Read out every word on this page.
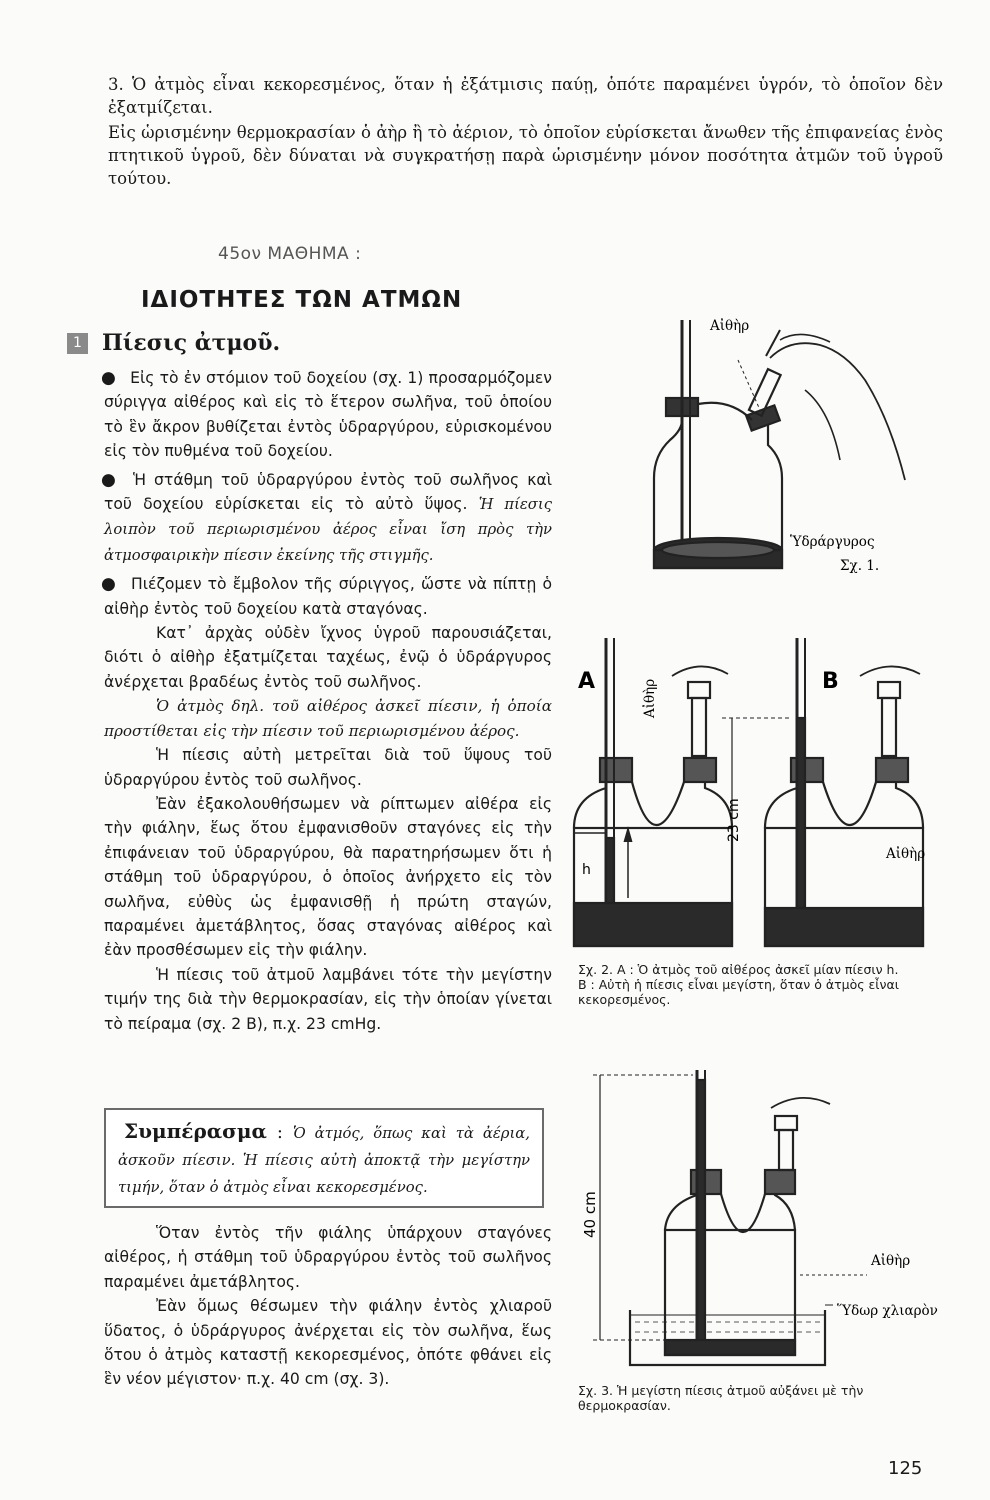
3. Ὁ ἀτμὸς εἶναι κεκορεσμένος, ὅταν ἡ ἐξάτμισις παύῃ, ὁπότε παραμένει ὑγρόν, τὸ ὁποῖον δὲν ἐξατμίζεται.

Εἰς ὡρισμένην θερμοκρασίαν ὁ ἀὴρ ἢ τὸ ἀέριον, τὸ ὁποῖον εὑρίσκεται ἄνωθεν τῆς ἐπιφανείας ἑνὸς πτητικοῦ ὑγροῦ, δὲν δύναται νὰ συγκρατήσῃ παρὰ ὡρισμένην μόνον ποσότητα ἀτμῶν τοῦ ὑγροῦ τούτου.

45ον ΜΑΘΗΜΑ :
ΙΔΙΟΤΗΤΕΣ ΤΩΝ ΑΤΜΩΝ
1 Πίεσις ἀτμοῦ.

● Εἰς τὸ ἐν στόμιον τοῦ δοχείου (σχ. 1) προσαρμόζομεν σύριγγα αἰθέρος καὶ εἰς τὸ ἕτερον σωλῆνα, τοῦ ὁποίου τὸ ἓν ἄκρον βυθίζεται ἐντὸς ὑδραργύρου, εὑρισκομένου εἰς τὸν πυθμένα τοῦ δοχείου.

● Ἡ στάθμη τοῦ ὑδραργύρου ἐντὸς τοῦ σωλῆνος καὶ τοῦ δοχείου εὑρίσκεται εἰς τὸ αὐτὸ ὕψος. Ἡ πίεσις λοιπὸν τοῦ περιωρισμένου ἀέρος εἶναι ἴση πρὸς τὴν ἀτμοσφαιρικὴν πίεσιν ἐκείνης τῆς στιγμῆς.

● Πιέζομεν τὸ ἔμβολον τῆς σύριγγος, ὥστε νὰ πίπτῃ ὁ αἰθὴρ ἐντὸς τοῦ δοχείου κατὰ σταγόνας.

Κατ᾽ ἀρχὰς οὐδὲν ἴχνος ὑγροῦ παρουσιάζεται, διότι ὁ αἰθὴρ ἐξατμίζεται ταχέως, ἐνῷ ὁ ὑδράργυρος ἀνέρχεται βραδέως ἐντὸς τοῦ σωλῆνος.

Ὁ ἀτμὸς δηλ. τοῦ αἰθέρος ἀσκεῖ πίεσιν, ἡ ὁποία προστίθεται εἰς τὴν πίεσιν τοῦ περιωρισμένου ἀέρος.

Ἡ πίεσις αὐτὴ μετρεῖται διὰ τοῦ ὕψους τοῦ ὑδραργύρου ἐντὸς τοῦ σωλῆνος.

Ἐὰν ἐξακολουθήσωμεν νὰ ρίπτωμεν αἰθέρα εἰς τὴν φιάλην, ἕως ὅτου ἐμφανισθοῦν σταγόνες εἰς τὴν ἐπιφάνειαν τοῦ ὑδραργύρου, θὰ παρατηρήσωμεν ὅτι ἡ στάθμη τοῦ ὑδραργύρου, ὁ ὁποῖος ἀνήρχετο εἰς τὸν σωλῆνα, εὐθὺς ὡς ἐμφανισθῇ ἡ πρώτη σταγών, παραμένει ἀμετάβλητος, ὅσας σταγόνας αἰθέρος καὶ ἐὰν προσθέσωμεν εἰς τὴν φιάλην.

Ἡ πίεσις τοῦ ἀτμοῦ λαμβάνει τότε τὴν μεγίστην τιμήν της διὰ τὴν θερμοκρασίαν, εἰς τὴν ὁποίαν γίνεται τὸ πείραμα (σχ. 2 Β), π.χ. 23 cmHg.

Συμπέρασμα : Ὁ ἀτμός, ὅπως καὶ τὰ ἀέρια, ἀσκοῦν πίεσιν. Ἡ πίεσις αὐτὴ ἀποκτᾷ τὴν μεγίστην τιμήν, ὅταν ὁ ἀτμὸς εἶναι κεκορεσμένος.

Ὅταν ἐντὸς τῆν φιάλης ὑπάρχουν σταγόνες αἰθέρος, ἡ στάθμη τοῦ ὑδραργύρου ἐντὸς τοῦ σωλῆνος παραμένει ἀμετάβλητος.

Ἐὰν ὅμως θέσωμεν τὴν φιάλην ἐντὸς χλιαροῦ ὕδατος, ὁ ὑδράργυρος ἀνέρχεται εἰς τὸν σωλῆνα, ἕως ὅτου ὁ ἀτμὸς καταστῇ κεκορεσμένος, ὁπότε φθάνει εἰς ἓν νέον μέγιστον· π.χ. 40 cm (σχ. 3).

Αἰθὴρ
Ὑδράργυρος
Σχ. 1.
A	B
Αἰθὴρ
23 cm
h
Αἰθὴρ

Σχ. 2. Α : Ὁ ἀτμὸς τοῦ αἰθέρος ἀσκεῖ μίαν πίεσιν h.

Β : Αὐτὴ ἡ πίεσις εἶναι μεγίστη, ὅταν ὁ ἀτμὸς εἶναι κεκορεσμένος.

40 cm
Αἰθὴρ
Ὕδωρ χλιαρὸν
Σχ. 3. Ἡ μεγίστη πίεσις ἀτμοῦ αὐξάνει μὲ τὴν θερμοκρασίαν.
125
